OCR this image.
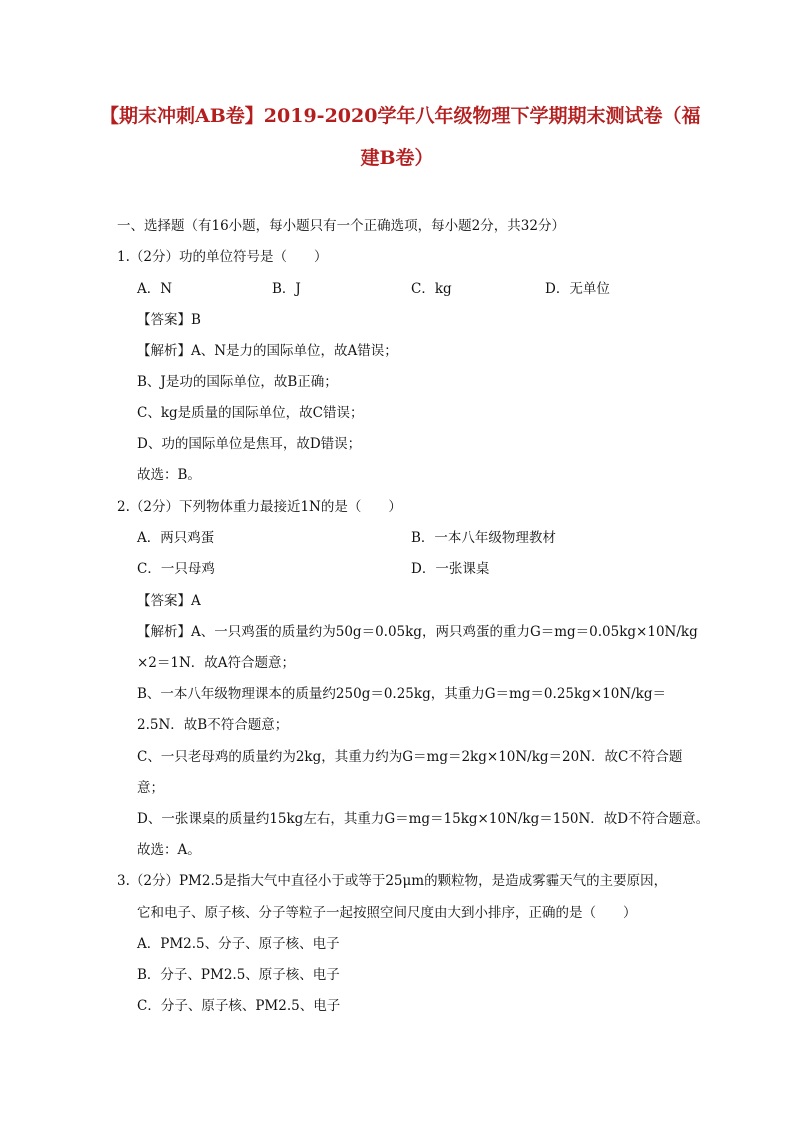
【期末冲刺AB卷】2019-2020学年八年级物理下学期期末测试卷（福
建B卷）
一、选择题（有16小题，每小题只有一个正确选项，每小题2分，共32分）
1.（2分）功的单位符号是（　　）
A．N	B．J	C．kg	D．无单位
【答案】B
【解析】A、N是力的国际单位，故A错误；
B、J是功的国际单位，故B正确；
C、kg是质量的国际单位，故C错误；
D、功的国际单位是焦耳，故D错误；
故选：B。
2.（2分）下列物体重力最接近1N的是（　　）
A．两只鸡蛋	B．一本八年级物理教材
C．一只母鸡	D．一张课桌
【答案】A
【解析】A、一只鸡蛋的质量约为50g＝0.05kg，两只鸡蛋的重力G＝mg＝0.05kg×10N/kg
×2＝1N．故A符合题意；
B、一本八年级物理课本的质量约250g＝0.25kg，其重力G＝mg＝0.25kg×10N/kg＝
2.5N．故B不符合题意；
C、一只老母鸡的质量约为2kg，其重力约为G＝mg＝2kg×10N/kg＝20N．故C不符合题
意；
D、一张课桌的质量约15kg左右，其重力G＝mg＝15kg×10N/kg＝150N．故D不符合题意。
故选：A。
3.（2分）PM2.5是指大气中直径小于或等于25μm的颗粒物，是造成雾霾天气的主要原因，
它和电子、原子核、分子等粒子一起按照空间尺度由大到小排序，正确的是（　　）
A．PM2.5、分子、原子核、电子
B．分子、PM2.5、原子核、电子
C．分子、原子核、PM2.5、电子
